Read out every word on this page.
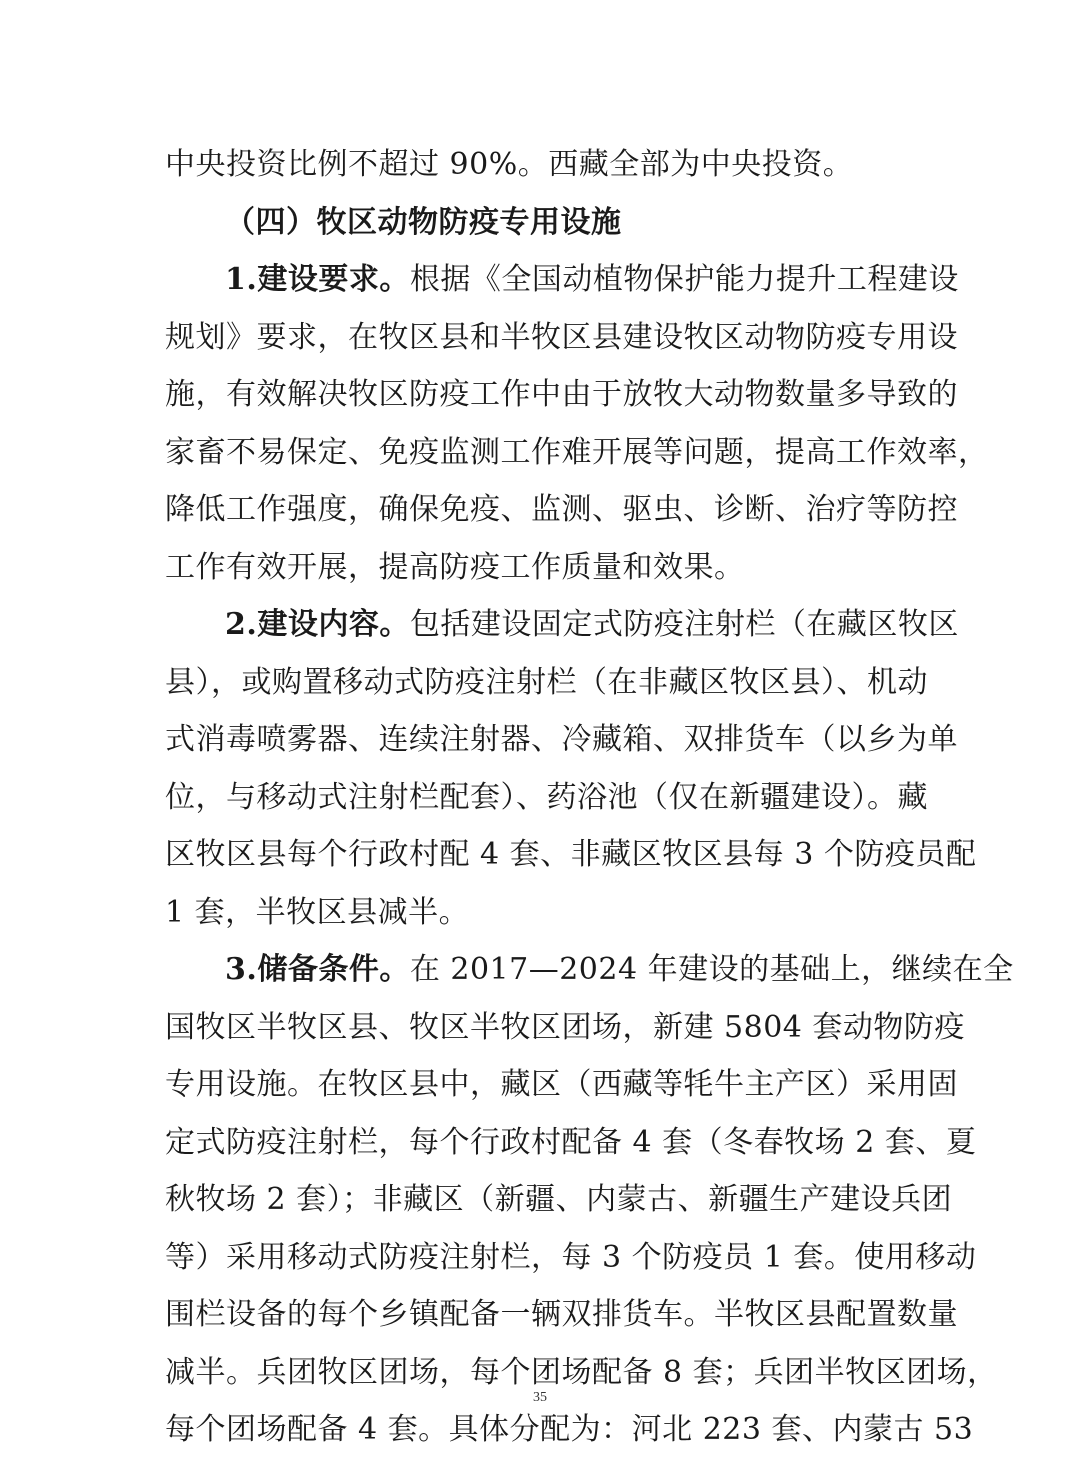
中央投资比例不超过 90%。西藏全部为中央投资。
（四）牧区动物防疫专用设施
1.建设要求。根据《全国动植物保护能力提升工程建设
规划》要求，在牧区县和半牧区县建设牧区动物防疫专用设
施，有效解决牧区防疫工作中由于放牧大动物数量多导致的
家畜不易保定、免疫监测工作难开展等问题，提高工作效率，
降低工作强度，确保免疫、监测、驱虫、诊断、治疗等防控
工作有效开展，提高防疫工作质量和效果。
2.建设内容。包括建设固定式防疫注射栏（在藏区牧区
县），或购置移动式防疫注射栏（在非藏区牧区县）、机动
式消毒喷雾器、连续注射器、冷藏箱、双排货车（以乡为单
位，与移动式注射栏配套）、药浴池（仅在新疆建设）。藏
区牧区县每个行政村配 4 套、非藏区牧区县每 3 个防疫员配
1 套，半牧区县减半。
3.储备条件。在 2017—2024 年建设的基础上，继续在全
国牧区半牧区县、牧区半牧区团场，新建 5804 套动物防疫
专用设施。在牧区县中，藏区（西藏等牦牛主产区）采用固
定式防疫注射栏，每个行政村配备 4 套（冬春牧场 2 套、夏
秋牧场 2 套）；非藏区（新疆、内蒙古、新疆生产建设兵团
等）采用移动式防疫注射栏，每 3 个防疫员 1 套。使用移动
围栏设备的每个乡镇配备一辆双排货车。半牧区县配置数量
减半。兵团牧区团场，每个团场配备 8 套；兵团半牧区团场，
每个团场配备 4 套。具体分配为：河北 223 套、内蒙古 53
35
